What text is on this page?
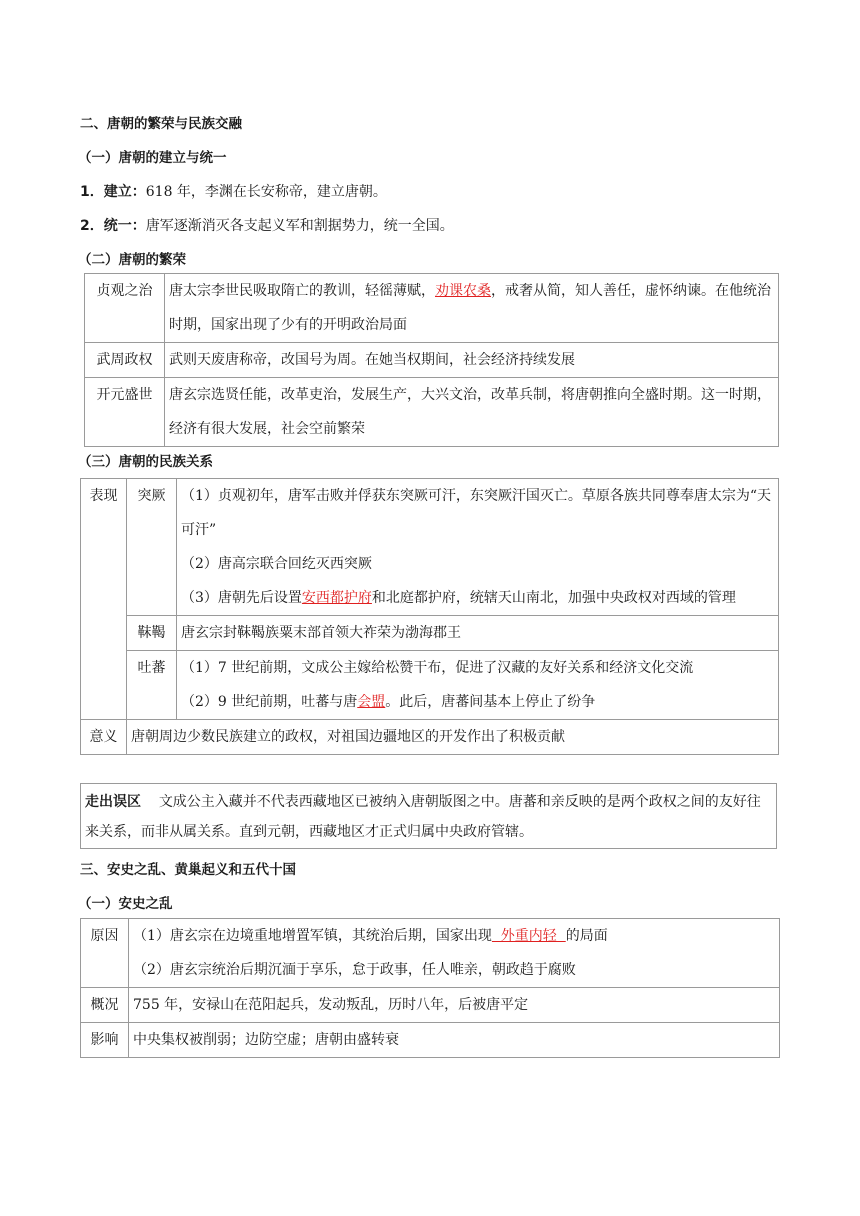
二、唐朝的繁荣与民族交融
（一）唐朝的建立与统一
1．建立：618 年，李渊在长安称帝，建立唐朝。
2．统一：唐军逐渐消灭各支起义军和割据势力，统一全国。
（二）唐朝的繁荣
贞观之治	唐太宗李世民吸取隋亡的教训，轻徭薄赋，劝课农桑，戒奢从简，知人善任，虚怀纳谏。在他统治时期，国家出现了少有的开明政治局面
武周政权	武则天废唐称帝，改国号为周。在她当权期间，社会经济持续发展
开元盛世	唐玄宗选贤任能，改革吏治，发展生产，大兴文治，改革兵制，将唐朝推向全盛时期。这一时期，经济有很大发展，社会空前繁荣
（三）唐朝的民族关系
表现	突厥	（1）贞观初年，唐军击败并俘获东突厥可汗，东突厥汗国灭亡。草原各族共同尊奉唐太宗为“天可汗”
（2）唐高宗联合回纥灭西突厥
（3）唐朝先后设置安西都护府和北庭都护府，统辖天山南北，加强中央政权对西域的管理

	靺鞨	唐玄宗封靺鞨族粟末部首领大祚荣为渤海郡王
	吐蕃	（1）7 世纪前期，文成公主嫁给松赞干布，促进了汉藏的友好关系和经济文化交流
（2）9 世纪前期，吐蕃与唐会盟。此后，唐蕃间基本上停止了纷争

意义	唐朝周边少数民族建立的政权，对祖国边疆地区的开发作出了积极贡献	
走出误区 文成公主入藏并不代表西藏地区已被纳入唐朝版图之中。唐蕃和亲反映的是两个政权之间的友好往来关系，而非从属关系。直到元朝，西藏地区才正式归属中央政府管辖。
三、安史之乱、黄巢起义和五代十国
（一）安史之乱
原因	（1）唐玄宗在边境重地增置军镇，其统治后期，国家出现  外重内轻  的局面
（2）唐玄宗统治后期沉湎于享乐，怠于政事，任人唯亲，朝政趋于腐败

概况	755 年，安禄山在范阳起兵，发动叛乱，历时八年，后被唐平定
影响	中央集权被削弱；边防空虚；唐朝由盛转衰
